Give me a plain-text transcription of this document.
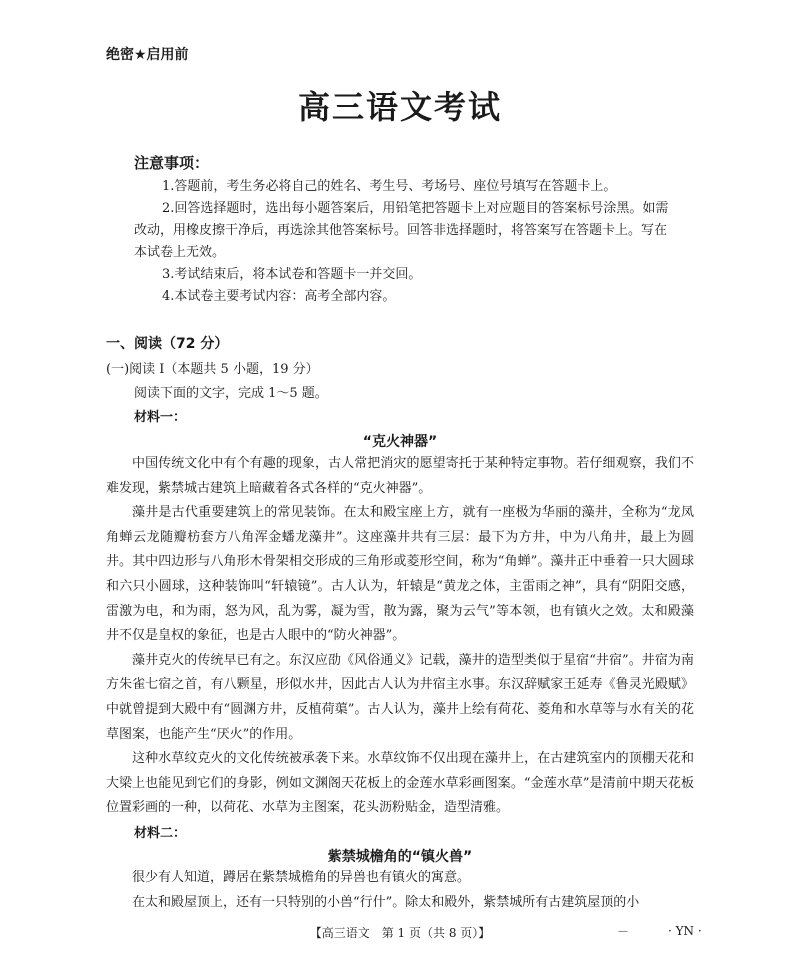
绝密★启用前
高三语文考试
注意事项：

1.答题前，考生务必将自己的姓名、考生号、考场号、座位号填写在答题卡上。

2.回答选择题时，选出每小题答案后，用铅笔把答题卡上对应题目的答案标号涂黑。如需改动，用橡皮擦干净后，再选涂其他答案标号。回答非选择题时，将答案写在答题卡上。写在本试卷上无效。

3.考试结束后，将本试卷和答题卡一并交回。

4.本试卷主要考试内容：高考全部内容。

一、阅读（72 分）
(一)阅读 I（本题共 5 小题，19 分）
阅读下面的文字，完成 1～5 题。
材料一：
“克火神器”

中国传统文化中有个有趣的现象，古人常把消灾的愿望寄托于某种特定事物。若仔细观察，我们不难发现，紫禁城古建筑上暗藏着各式各样的“克火神器”。

藻井是古代重要建筑上的常见装饰。在太和殿宝座上方，就有一座极为华丽的藻井，全称为“龙凤角蝉云龙随瓣枋套方八角浑金蟠龙藻井”。这座藻井共有三层：最下为方井，中为八角井，最上为圆井。其中四边形与八角形木骨架相交形成的三角形或菱形空间，称为“角蝉”。藻井正中垂着一只大圆球和六只小圆球，这种装饰叫“轩辕镜”。古人认为，轩辕是“黄龙之体，主雷雨之神”，具有“阴阳交感，雷激为电，和为雨，怒为风，乱为雾，凝为雪，散为露，聚为云气”等本领，也有镇火之效。太和殿藻井不仅是皇权的象征，也是古人眼中的“防火神器”。

藻井克火的传统早已有之。东汉应劭《风俗通义》记载，藻井的造型类似于星宿“井宿”。井宿为南方朱雀七宿之首，有八颗星，形似水井，因此古人认为井宿主水事。东汉辞赋家王延寿《鲁灵光殿赋》中就曾提到大殿中有“圆渊方井，反植荷蕖”。古人认为，藻井上绘有荷花、菱角和水草等与水有关的花草图案，也能产生“厌火”的作用。

这种水草纹克火的文化传统被承袭下来。水草纹饰不仅出现在藻井上，在古建筑室内的顶棚天花和大梁上也能见到它们的身影，例如文渊阁天花板上的金莲水草彩画图案。“金莲水草”是清前中期天花板位置彩画的一种，以荷花、水草为主图案，花头沥粉贴金，造型清雅。

材料二：
紫禁城檐角的“镇火兽”

很少有人知道，蹲居在紫禁城檐角的异兽也有镇火的寓意。

在太和殿屋顶上，还有一只特别的小兽“行什”。除太和殿外，紫禁城所有古建筑屋顶的小

【高三语文　第 1 页（共 8 页）】	—	· YN ·
